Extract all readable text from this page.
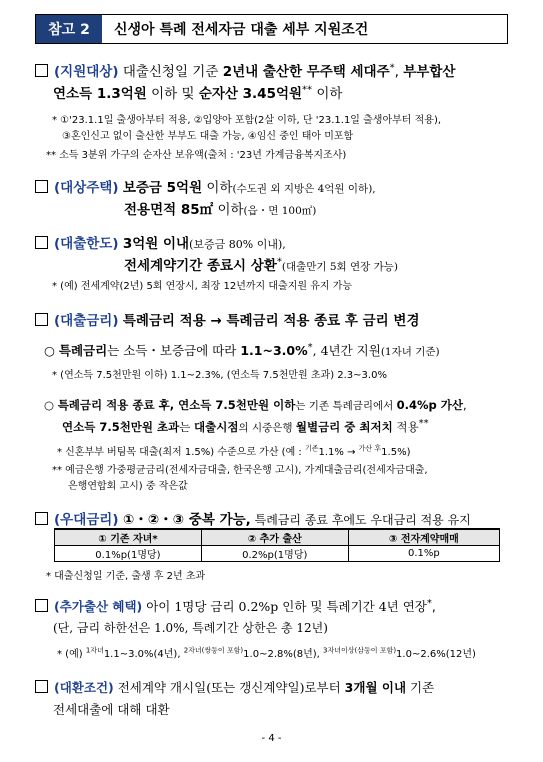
참고 2	신생아 특례 전세자금 대출 세부 지원조건
(지원대상) 대출신청일 기준 2년내 출산한 무주택 세대주*, 부부합산
연소득 1.3억원 이하 및 순자산 3.45억원** 이하
* ①'23.1.1일 출생아부터 적용, ②입양아 포함(2살 이하, 단 '23.1.1일 출생아부터 적용),
③혼인신고 없이 출산한 부부도 대출 가능, ④임신 중인 태아 미포함
** 소득 3분위 가구의 순자산 보유액(출처 : '23년 가계금융복지조사)
(대상주택) 보증금 5억원 이하(수도권 외 지방은 4억원 이하),
전용면적 85㎡ 이하(읍・면 100㎡)
(대출한도) 3억원 이내(보증금 80% 이내),
전세계약기간 종료시 상환*(대출만기 5회 연장 가능)
* (예) 전세계약(2년) 5회 연장시, 최장 12년까지 대출지원 유지 가능
(대출금리) 특례금리 적용 → 특례금리 적용 종료 후 금리 변경
○ 특례금리는 소득・보증금에 따라 1.1~3.0%*, 4년간 지원(1자녀 기준)
* (연소득 7.5천만원 이하) 1.1~2.3%, (연소득 7.5천만원 초과) 2.3~3.0%
○ 특례금리 적용 종료 후, 연소득 7.5천만원 이하는 기존 특례금리에서 0.4%p 가산,
연소득 7.5천만원 초과는 대출시점의 시중은행 월별금리 중 최저치 적용**
* 신혼부부 버팀목 대출(최저 1.5%) 수준으로 가산 (예 : $^{기존}$1.1% → $^{가산 후}$1.5%)
** 예금은행 가중평균금리(전세자금대출, 한국은행 고시), 가계대출금리(전세자금대출,
은행연합회 고시) 중 작은값
(우대금리) ①・②・③ 중복 가능, 특례금리 종료 후에도 우대금리 적용 유지
① 기존 자녀*	② 추가 출산	③ 전자계약매매
0.1%p(1명당)	0.2%p(1명당)	0.1%p
* 대출신청일 기준, 출생 후 2년 초과
(추가출산 혜택) 아이 1명당 금리 0.2%p 인하 및 특례기간 4년 연장*,
(단, 금리 하한선은 1.0%, 특례기간 상한은 총 12년)
* (예) $^{1자녀}$1.1~3.0%(4년), $^{2자녀(쌍둥이 포함)}$1.0~2.8%(8년), $^{3자녀이상(삼둥이 포함)}$1.0~2.6%(12년)
(대환조건) 전세계약 개시일(또는 갱신계약일)로부터 3개월 이내 기존
전세대출에 대해 대환
- 4 -
